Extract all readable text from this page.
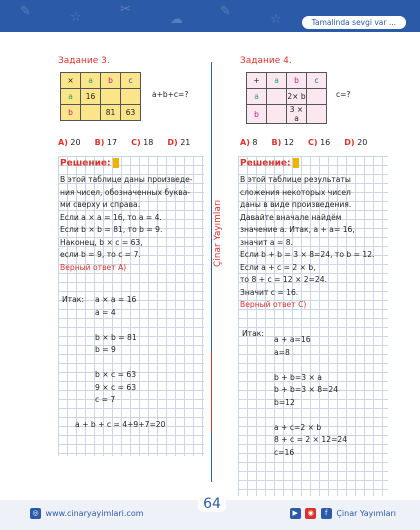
✎	☆
✂
☁
✎
☆	Tamalinda sevgi var ...
Задание 3.
×	a	b	c
a	16		
b		81	63
a+b+c=?
A) 20 B) 17 C) 18 D) 21
Решение:
В этой таблице даны произведе-
ния чисел, обозначенных буква-
ми сверху и справа.
Если a × a = 16, то a = 4.
Если b × b = 81, то b = 9.
Наконец, b × c = 63,
если b = 9, то c = 7.
Верный ответ A)
Итак: a × a = 16
a = 4

b × b = 81
b = 9

b × c = 63
9 × c = 63
c = 7

a + b + c = 4+9+7=20
Çinar Yayımları
Задание 4.
+	a	b	c
a		2× b	
b		3 × a	
c=?
A) 8 B) 12 C) 16 D) 20
Решение:
В этой таблице результаты
сложения некоторых чисел
даны в виде произведения.
Давайте вначале найдём
значение a. Итак, a + a= 16,
значит a = 8.
Если b + b = 3 × 8=24, то b = 12.
Если a + c = 2 × b,
то 8 + c = 12 × 2=24.
Значит c = 16.
Верный ответ C)
Итак:
a + a=16
a=8

b + b=3 × a
b + b=3 × 8=24
b=12

a + c=2 × b
8 + c = 2 × 12=24
c=16
◎ www.cinaryayimlari.com
64
▶ ◉ f Çinar Yayımları
